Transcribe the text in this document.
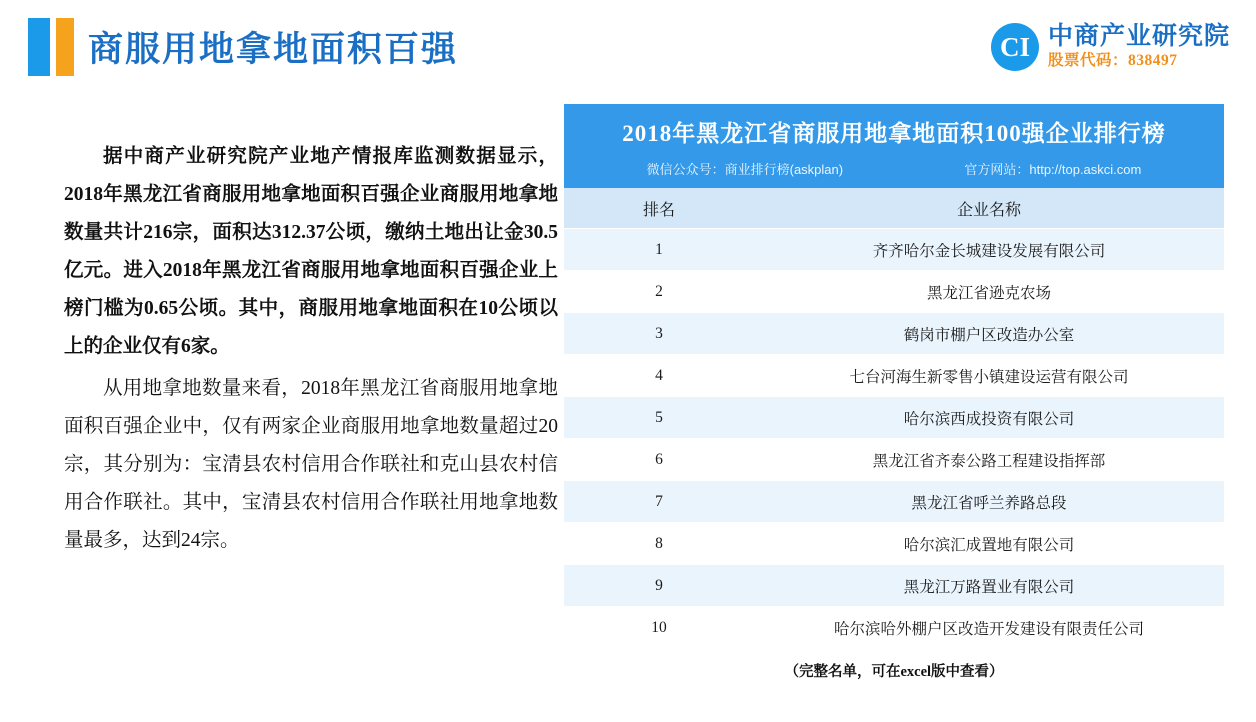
商服用地拿地面积百强	CI 中商产业研究院
股票代码：838497

据中商产业研究院产业地产情报库监测数据显示，2018年黑龙江省商服用地拿地面积百强企业商服用地拿地数量共计216宗，面积达312.37公顷，缴纳土地出让金30.5亿元。进入2018年黑龙江省商服用地拿地面积百强企业上榜门槛为0.65公顷。其中，商服用地拿地面积在10公顷以上的企业仅有6家。

从用地拿地数量来看，2018年黑龙江省商服用地拿地面积百强企业中，仅有两家企业商服用地拿地数量超过20宗，其分别为：宝清县农村信用合作联社和克山县农村信用合作联社。其中，宝清县农村信用合作联社用地拿地数量最多，达到24宗。

2018年黑龙江省商服用地拿地面积100强企业排行榜
微信公众号：商业排行榜(askplan)	官方网站：http://top.askci.com
排名	企业名称
1	齐齐哈尔金长城建设发展有限公司
2	黑龙江省逊克农场
3	鹤岗市棚户区改造办公室
4	七台河海生新零售小镇建设运营有限公司
5	哈尔滨西成投资有限公司
6	黑龙江省齐泰公路工程建设指挥部
7	黑龙江省呼兰养路总段
8	哈尔滨汇成置地有限公司
9	黑龙江万路置业有限公司
10	哈尔滨哈外棚户区改造开发建设有限责任公司
（完整名单，可在excel版中查看）
